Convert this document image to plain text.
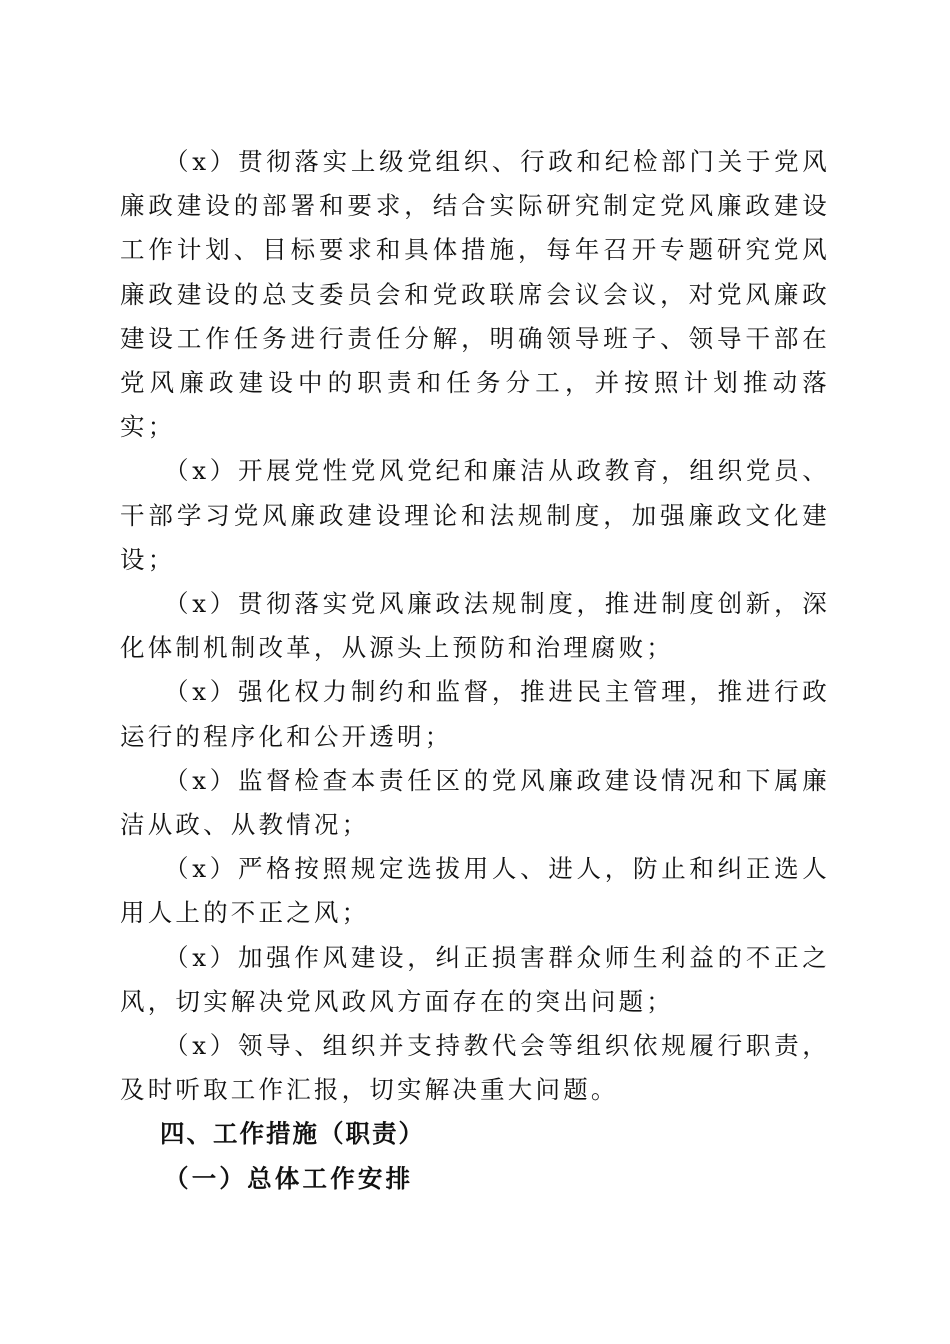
（x）贯彻落实上级党组织、行政和纪检部门关于党风廉政建设的部署和要求，结合实际研究制定党风廉政建设工作计划、目标要求和具体措施，每年召开专题研究党风廉政建设的总支委员会和党政联席会议会议，对党风廉政建设工作任务进行责任分解，明确领导班子、领导干部在党风廉政建设中的职责和任务分工，并按照计划推动落实；

（x）开展党性党风党纪和廉洁从政教育，组织党员、干部学习党风廉政建设理论和法规制度，加强廉政文化建设；

（x）贯彻落实党风廉政法规制度，推进制度创新，深化体制机制改革，从源头上预防和治理腐败；

（x）强化权力制约和监督，推进民主管理，推进行政运行的程序化和公开透明；

（x）监督检查本责任区的党风廉政建设情况和下属廉洁从政、从教情况；

（x）严格按照规定选拔用人、进人，防止和纠正选人用人上的不正之风；

（x）加强作风建设，纠正损害群众师生利益的不正之风，切实解决党风政风方面存在的突出问题；

（x）领导、组织并支持教代会等组织依规履行职责，及时听取工作汇报，切实解决重大问题。

四、工作措施（职责）

（一）总体工作安排
